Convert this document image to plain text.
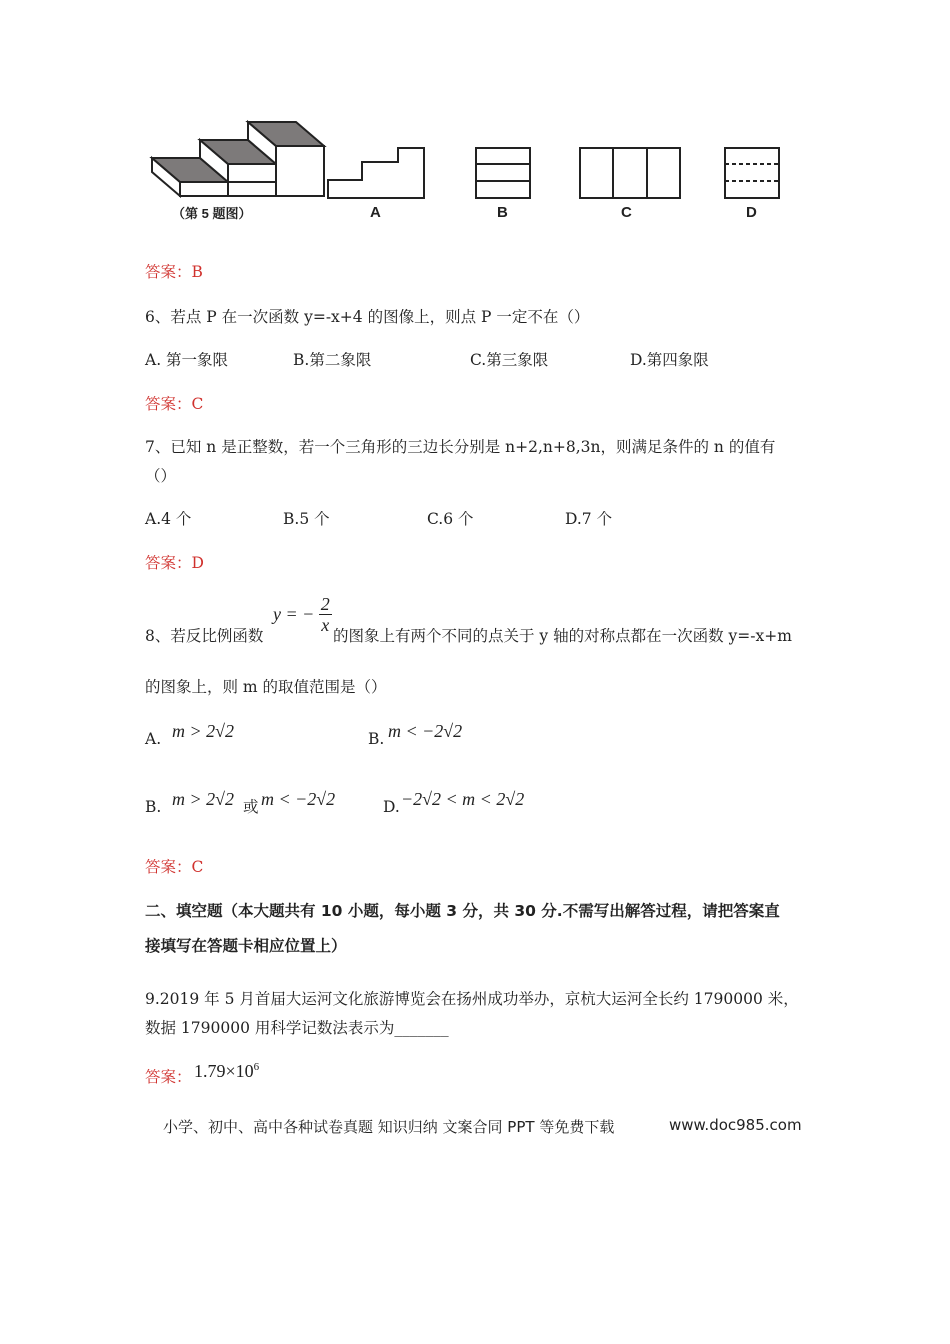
（第 5 题图）	A	B	C	D
答案：B
6、若点 P 在一次函数 y=-x+4 的图像上，则点 P 一定不在（）
A. 第一象限	B.第二象限	C.第三象限	D.第四象限
答案：C
7、已知 n 是正整数，若一个三角形的三边长分别是 n+2,n+8,3n，则满足条件的 n 的值有
（）
A.4 个	B.5 个	C.6 个	D.7 个
答案：D
8、若反比例函数
y = − $\frac{2}{x}$
的图象上有两个不同的点关于 y 轴的对称点都在一次函数 y=-x+m
的图象上，则 m 的取值范围是（）
A. m > 2√2	B. m < −2√2
B. m > 2√2 或 m < −2√2	D. −2√2 < m < 2√2
答案：C
二、填空题（本大题共有 10 小题，每小题 3 分，共 30 分.不需写出解答过程，请把答案直
接填写在答题卡相应位置上）
9.2019 年 5 月首届大运河文化旅游博览会在扬州成功举办，京杭大运河全长约 1790000 米，
数据 1790000 用科学记数法表示为_______
答案： $1.79\times 10^6$
小学、初中、高中各种试卷真题 知识归纳 文案合同 PPT 等免费下载	www.doc985.com
